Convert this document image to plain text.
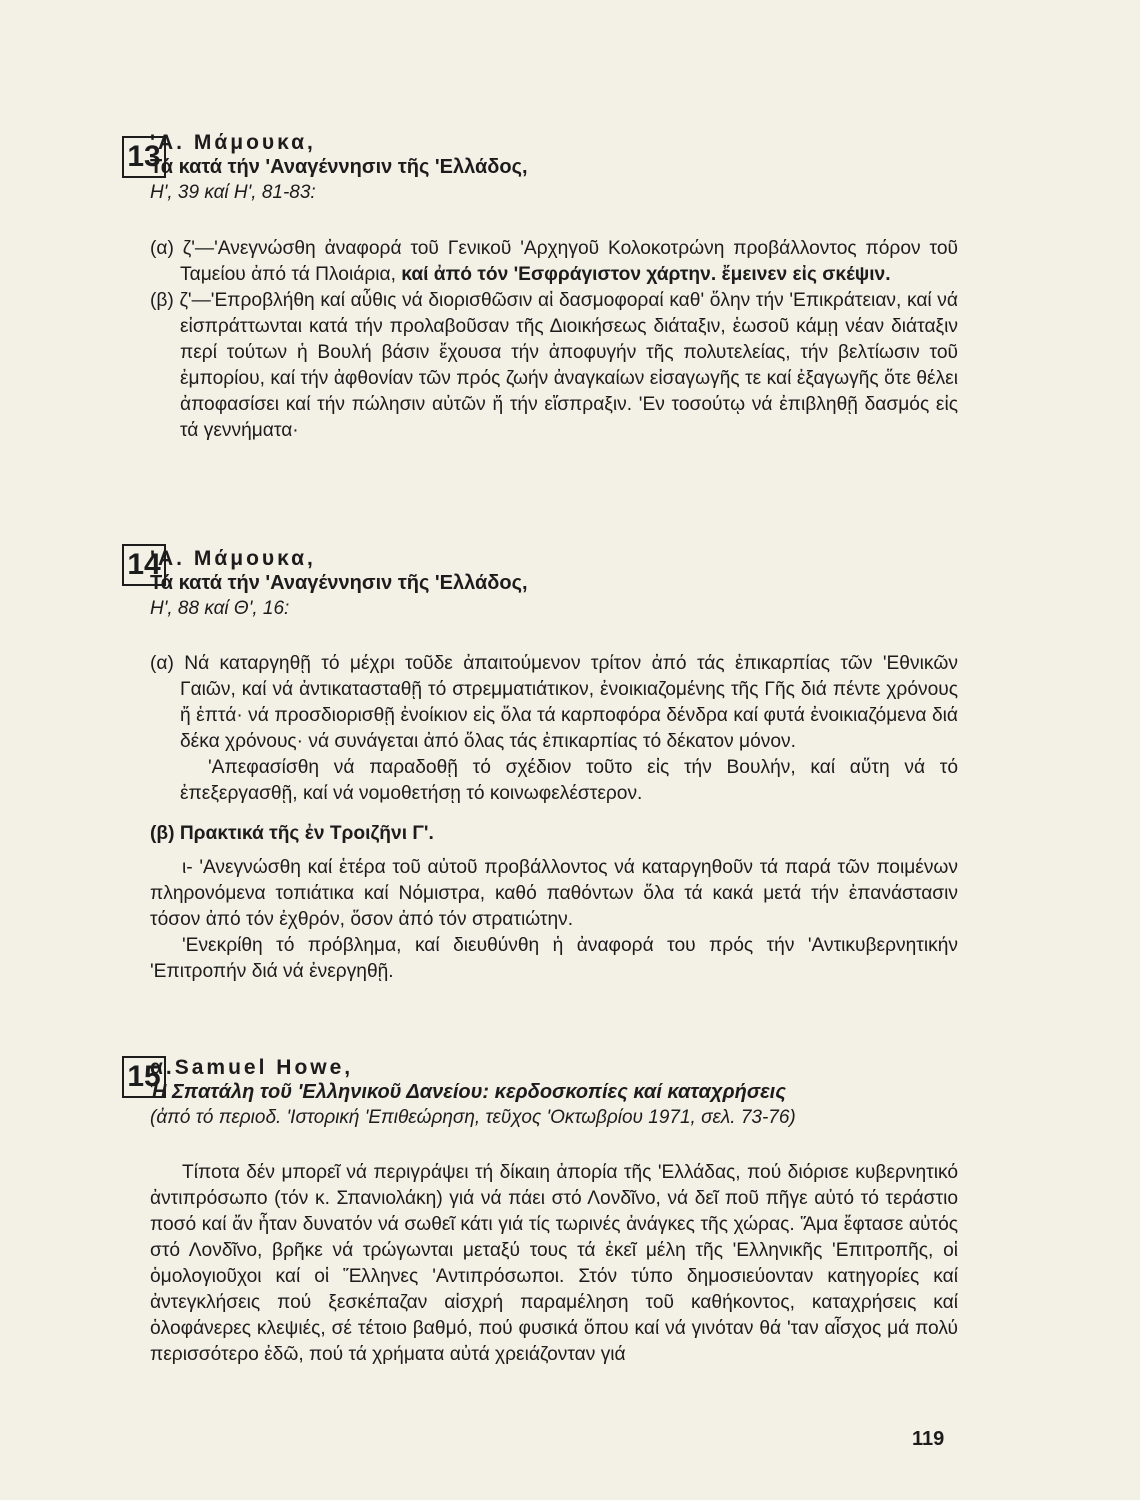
13

'Α. Μάμουκα,

Τά κατά τήν 'Αναγέννησιν τῆς 'Ελλάδος,

Η', 39 καί Η', 81-83:

(α) ζ'—'Ανεγνώσθη ἀναφορά τοῦ Γενικοῦ 'Αρχηγοῦ Κολοκοτρώνη προβάλλοντος πόρον τοῦ Ταμείου ἀπό τά Πλοιάρια, καί ἀπό τόν 'Εσφράγιστον χάρτην. ἔμεινεν εἰς σκέψιν.

(β) ζ'—'Επροβλήθη καί αὖθις νά διορισθῶσιν αἱ δασμοφοραί καθ' ὅλην τήν 'Επικράτειαν, καί νά εἰσπράττωνται κατά τήν προλαβοῦσαν τῆς Διοικήσεως διάταξιν, ἑωσοῦ κάμῃ νέαν διάταξιν περί τούτων ἡ Βουλή βάσιν ἔχουσα τήν ἀποφυγήν τῆς πολυτελείας, τήν βελτίωσιν τοῦ ἐμπορίου, καί τήν ἀφθονίαν τῶν πρός ζωήν ἀναγκαίων εἰσαγωγῆς τε καί ἐξαγωγῆς ὅτε θέλει ἀποφασίσει καί τήν πώλησιν αὐτῶν ἤ τήν εἴσπραξιν. 'Εν τοσούτῳ νά ἐπιβληθῇ δασμός εἰς τά γεννήματα·

14

'Α. Μάμουκα,

Τά κατά τήν 'Αναγέννησιν τῆς 'Ελλάδος,

Η', 88 καί Θ', 16:

(α) Νά καταργηθῇ τό μέχρι τοῦδε ἀπαιτούμενον τρίτον ἀπό τάς ἐπικαρπίας τῶν 'Εθνικῶν Γαιῶν, καί νά ἀντικατασταθῇ τό στρεμματιάτικον, ἐνοικιαζομένης τῆς Γῆς διά πέντε χρόνους ἤ ἑπτά· νά προσδιορισθῇ ἐνοίκιον εἰς ὅλα τά καρποφόρα δένδρα καί φυτά ἐνοικιαζόμενα διά δέκα χρόνους· νά συνάγεται ἀπό ὅλας τάς ἐπικαρπίας τό δέκατον μόνον.

'Απεφασίσθη νά παραδοθῇ τό σχέδιον τοῦτο εἰς τήν Βουλήν, καί αὕτη νά τό ἐπεξεργασθῇ, καί νά νομοθετήσῃ τό κοινωφελέστερον.

(β) Πρακτικά τῆς ἐν Τροιζῆνι Γ'.

ι- 'Ανεγνώσθη καί ἑτέρα τοῦ αὐτοῦ προβάλλοντος νά καταργηθοῦν τά παρά τῶν ποιμένων πληρονόμενα τοπιάτικα καί Νόμιστρα, καθό παθόντων ὅλα τά κακά μετά τήν ἐπανάστασιν τόσον ἀπό τόν ἐχθρόν, ὅσον ἀπό τόν στρατιώτην.

'Ενεκρίθη τό πρόβλημα, καί διευθύνθη ἡ ἀναφορά του πρός τήν 'Αντικυβερνητικήν 'Επιτροπήν διά νά ἐνεργηθῇ.

15

α.Samuel Howe,

Ἡ Σπατάλη τοῦ 'Ελληνικοῦ Δανείου: κερδοσκοπίες καί καταχρήσεις

(ἀπό τό περιοδ. 'Ιστορική 'Επιθεώρηση, τεῦχος 'Οκτωβρίου 1971, σελ. 73-76)

Τίποτα δέν μπορεῖ νά περιγράψει τή δίκαιη ἀπορία τῆς 'Ελλάδας, πού διόρισε κυβερνητικό ἀντιπρόσωπο (τόν κ. Σπανιολάκη) γιά νά πάει στό Λονδῖνο, νά δεῖ ποῦ πῆγε αὐτό τό τεράστιο ποσό καί ἄν ἦταν δυνατόν νά σωθεῖ κάτι γιά τίς τωρινές ἀνάγκες τῆς χώρας. Ἅμα ἔφτασε αὐτός στό Λονδῖνο, βρῆκε νά τρώγωνται μεταξύ τους τά ἐκεῖ μέλη τῆς 'Ελληνικῆς 'Επιτροπῆς, οἱ ὁμολογιοῦχοι καί οἱ Ἕλληνες 'Αντιπρόσωποι. Στόν τύπο δημοσιεύονταν κατηγορίες καί ἀντεγκλήσεις πού ξεσκέπαζαν αἰσχρή παραμέληση τοῦ καθήκοντος, καταχρήσεις καί ὁλοφάνερες κλεψιές, σέ τέτοιο βαθμό, πού φυσικά ὅπου καί νά γινόταν θά 'ταν αἶσχος μά πολύ περισσότερο ἐδῶ, πού τά χρήματα αὐτά χρειάζονταν γιά

119
